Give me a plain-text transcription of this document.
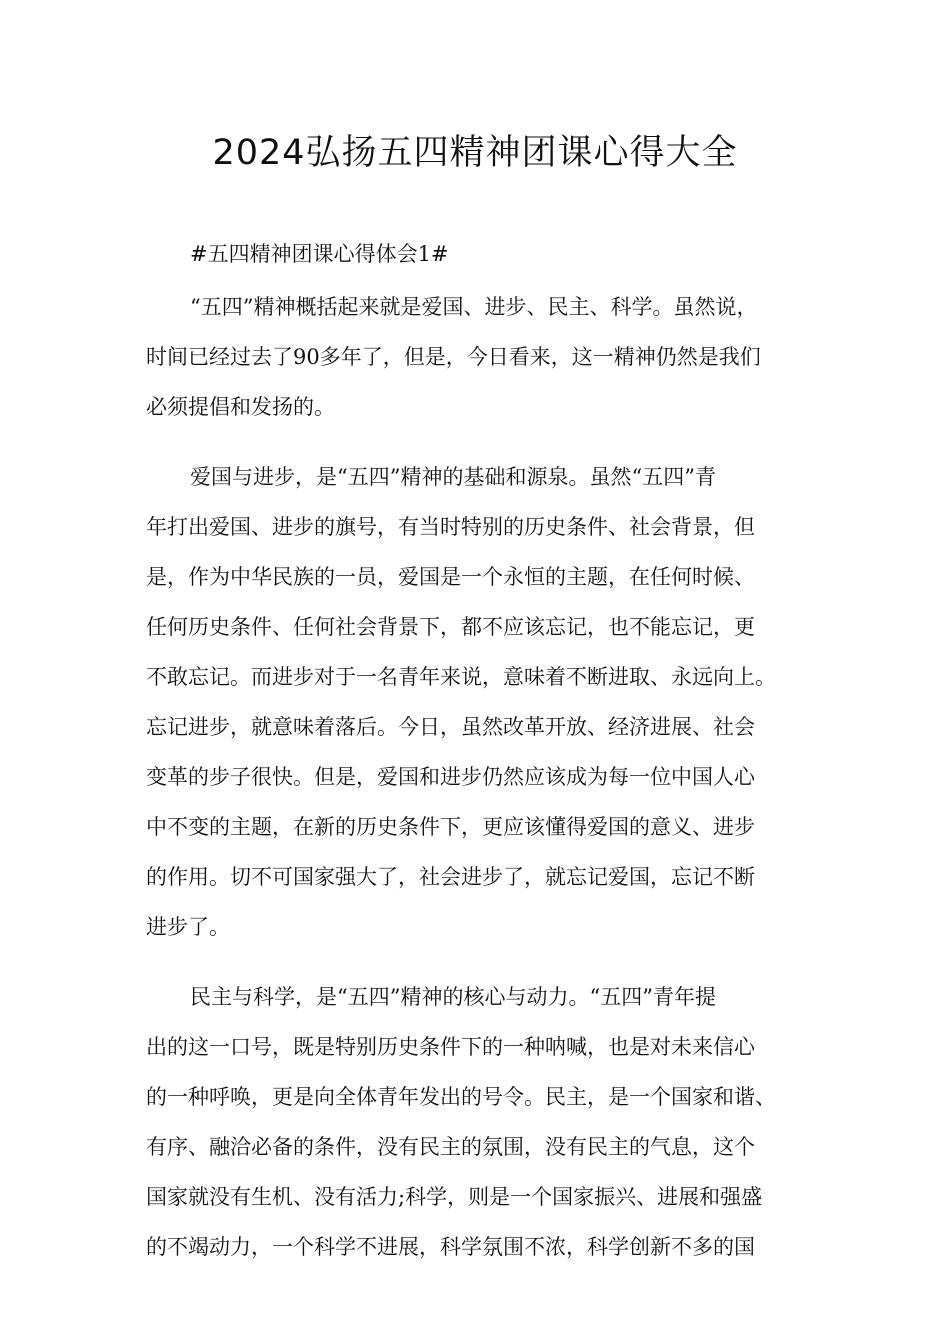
2024弘扬五四精神团课心得大全
#五四精神团课心得体会1#

“五四”精神概括起来就是爱国、进步、民主、科学。虽然说，
时间已经过去了90多年了，但是，今日看来，这一精神仍然是我们
必须提倡和发扬的。

爱国与进步，是“五四”精神的基础和源泉。虽然“五四”青
年打出爱国、进步的旗号，有当时特别的历史条件、社会背景，但
是，作为中华民族的一员，爱国是一个永恒的主题，在任何时候、
任何历史条件、任何社会背景下，都不应该忘记，也不能忘记，更
不敢忘记。而进步对于一名青年来说，意味着不断进取、永远向上。
忘记进步，就意味着落后。今日，虽然改革开放、经济进展、社会
变革的步子很快。但是，爱国和进步仍然应该成为每一位中国人心
中不变的主题，在新的历史条件下，更应该懂得爱国的意义、进步
的作用。切不可国家强大了，社会进步了，就忘记爱国，忘记不断
进步了。

民主与科学，是“五四”精神的核心与动力。“五四”青年提
出的这一口号，既是特别历史条件下的一种呐喊，也是对未来信心
的一种呼唤，更是向全体青年发出的号令。民主，是一个国家和谐、
有序、融洽必备的条件，没有民主的氛围，没有民主的气息，这个
国家就没有生机、没有活力;科学，则是一个国家振兴、进展和强盛
的不竭动力，一个科学不进展，科学氛围不浓，科学创新不多的国
